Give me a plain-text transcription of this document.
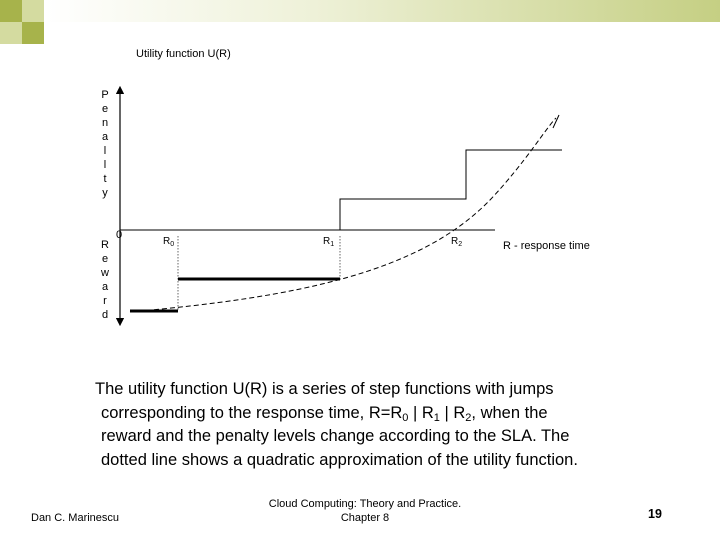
Utility function U(R)
P e n a l l t y
R e w a r d
0
R - response time
$R_0$	$R_1$	$R_2$
The utility function U(R) is a series of step functions with jumps
corresponding to the response time, $R=R_0$ | $R_1$ | $R_2$, when the
reward and the penalty levels change according to the SLA. The
dotted line shows a quadratic approximation of the utility function.
Dan C. Marinescu
Cloud Computing: Theory and Practice.
Chapter 8	19
